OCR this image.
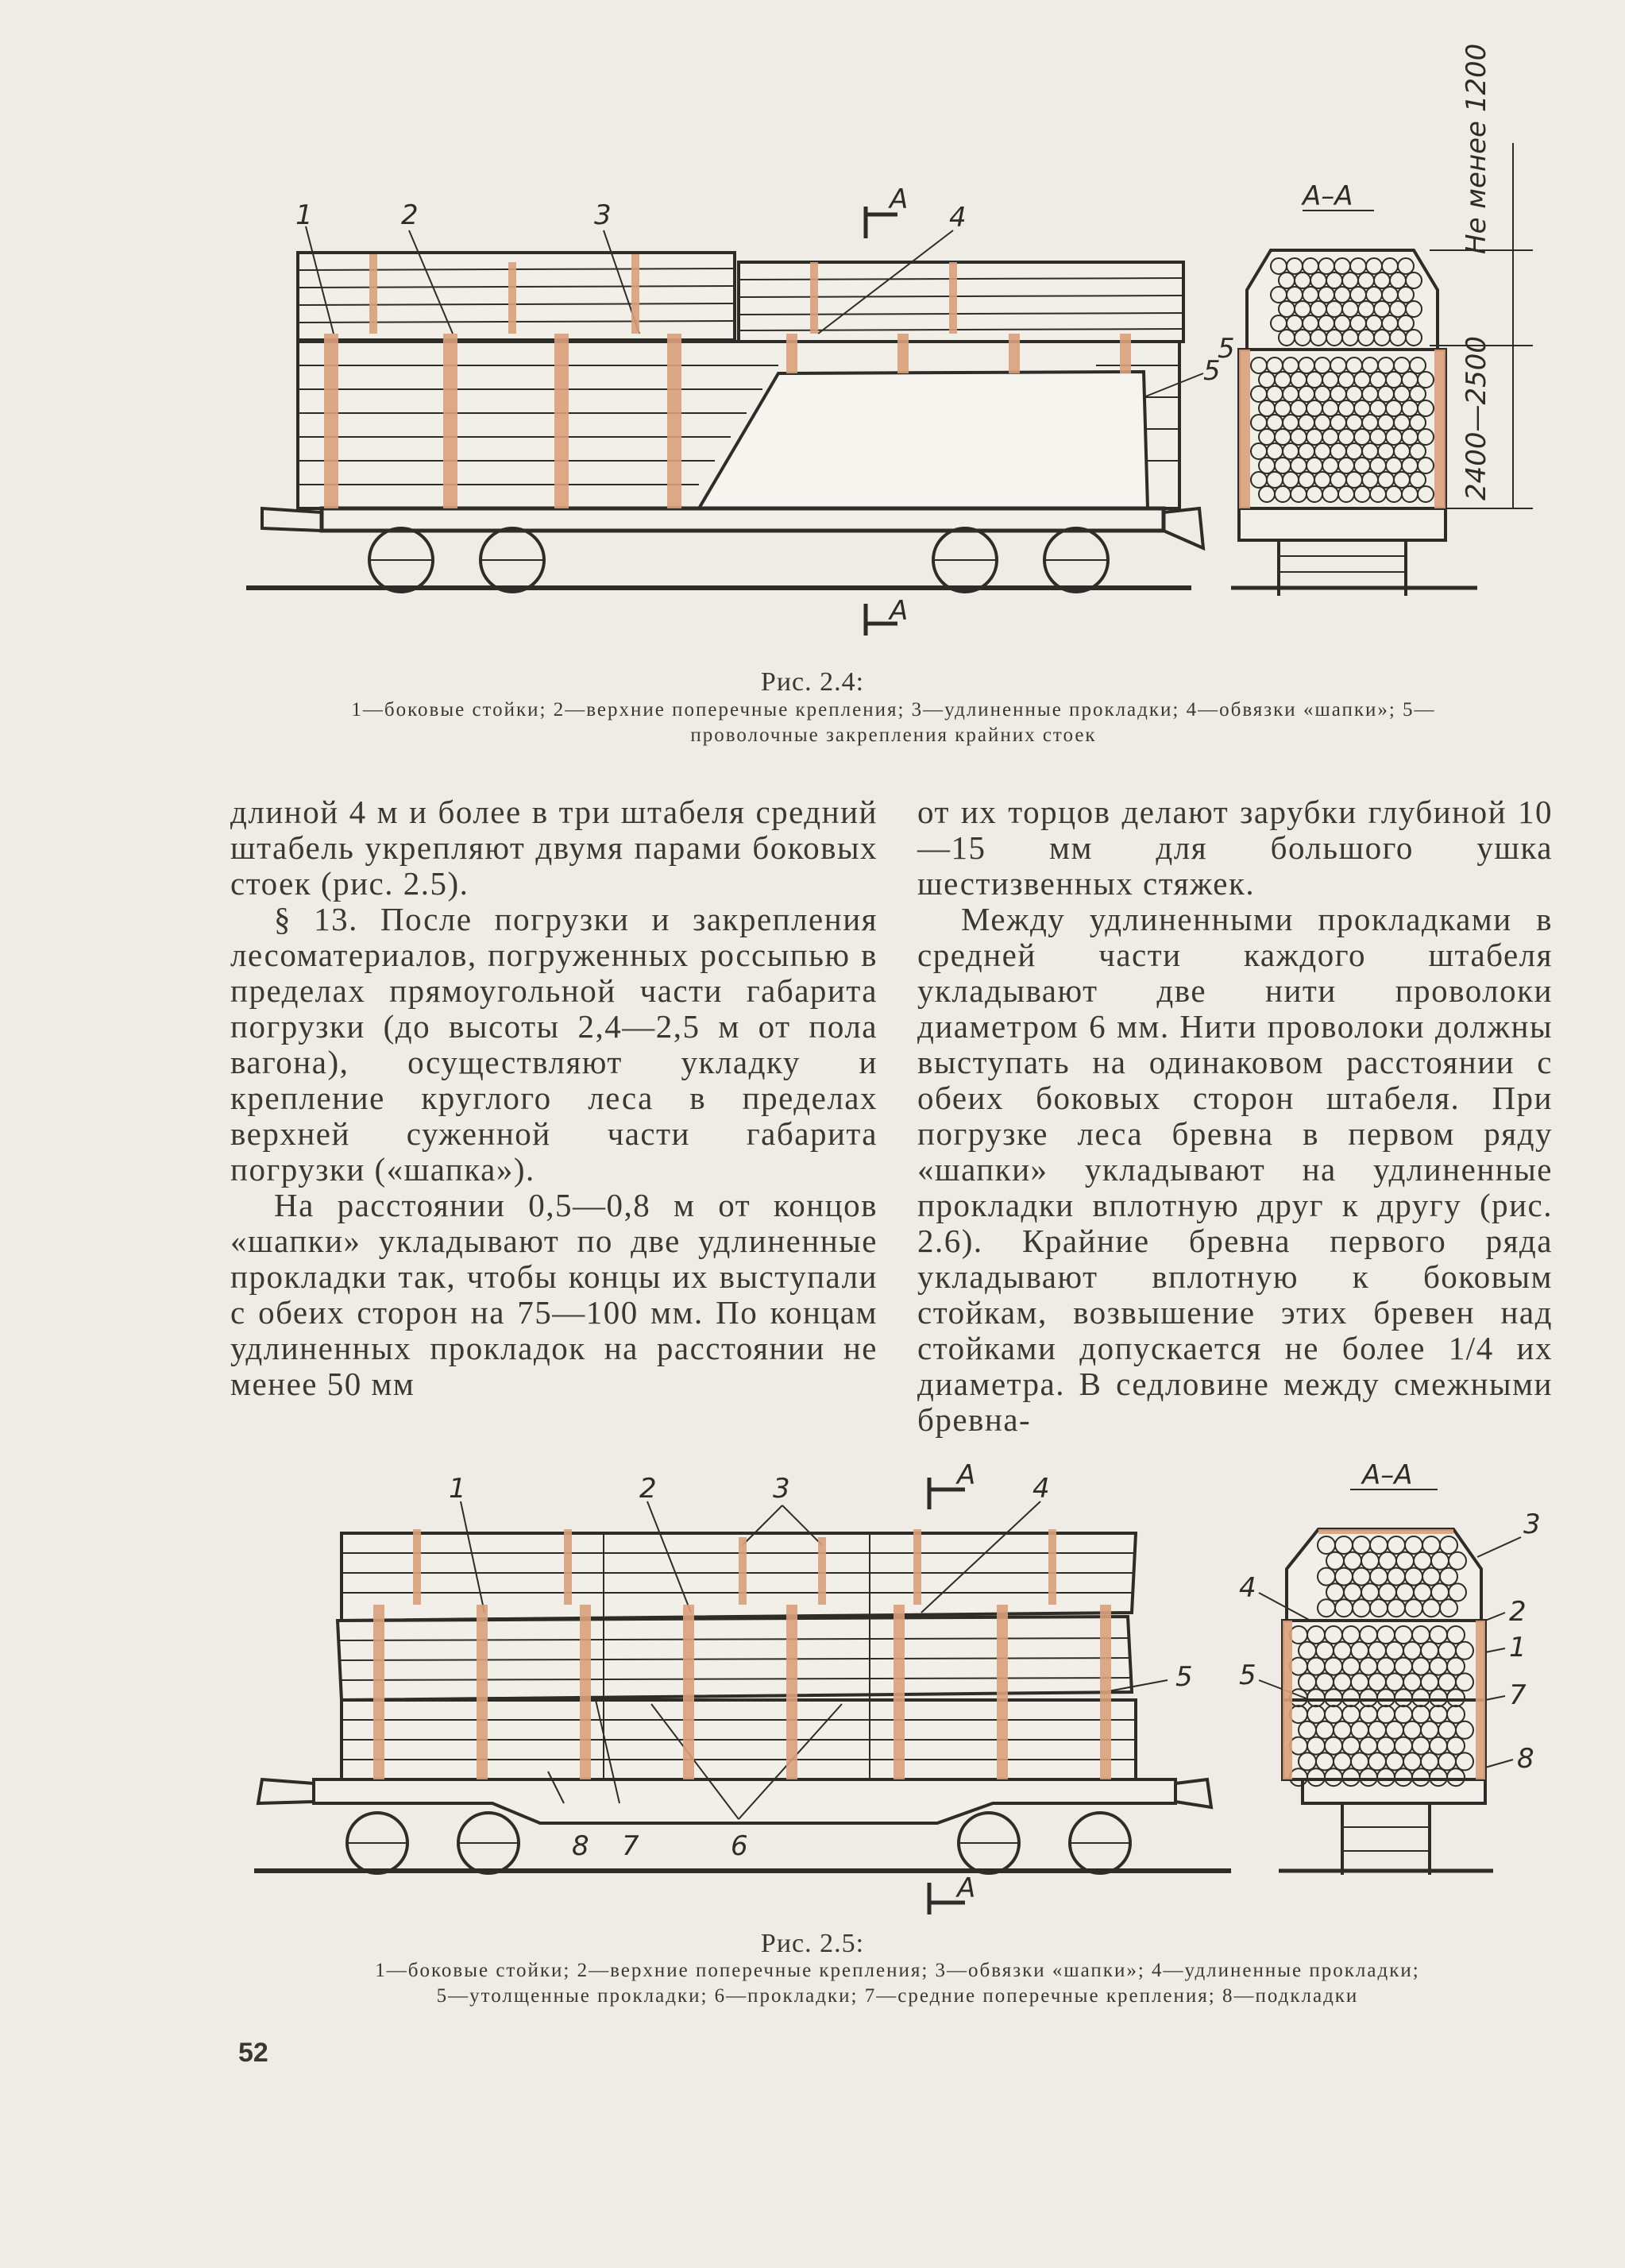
1	2	3	4
5
А
А
А–А	Не менее 1200
2400—2500
5
Рис. 2.4:
1—боковые стойки; 2—верхние поперечные крепления; 3—удлиненные прокладки; 4—обвязки «шапки»; 5—
проволочные закрепления крайних стоек

длиной 4 м и более в три штабеля средний штабель укрепляют двумя парами боковых стоек (рис. 2.5).

§ 13. После погрузки и закрепления лесоматериалов, погруженных россыпью в пределах прямоугольной части габарита погрузки (до высоты 2,4—2,5 м от пола вагона), осуществляют укладку и крепление круглого леса в пределах верхней суженной части габарита погрузки («шапка»).

На расстоянии 0,5—0,8 м от концов «шапки» укладывают по две удлиненные прокладки так, чтобы концы их выступали с обеих сторон на 75—100 мм. По концам удлиненных прокладок на расстоянии не менее 50 мм

от их торцов делают зарубки глубиной 10—15 мм для большого ушка шестизвенных стяжек.

Между удлиненными прокладками в средней части каждого штабеля укладывают две нити проволоки диаметром 6 мм. Нити проволоки должны выступать на одинаковом расстоянии с обеих боковых сторон штабеля. При погрузке леса бревна в первом ряду «шапки» укладывают на удлиненные прокладки вплотную друг к другу (рис. 2.6). Крайние бревна первого ряда укладывают вплотную к боковым стойкам, возвышение этих бревен над стойками допускается не более 1/4 их диаметра. В седловине между смежными бревна-

1	2	3	4
5
6
7
8
А
А
А–А
3
4
2
1
5
7
8
Рис. 2.5:
1—боковые стойки; 2—верхние поперечные крепления; 3—обвязки «шапки»; 4—удлиненные прокладки;
5—утолщенные прокладки; 6—прокладки; 7—средние поперечные крепления; 8—подкладки
52
